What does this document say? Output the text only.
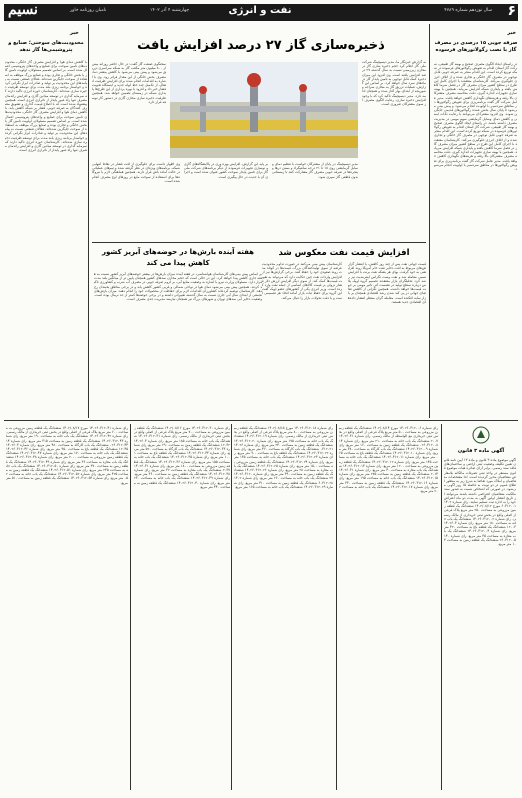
۶
نفت و انرژی	سال نوزدهم شماره ۴۷۸۹
چهارشنبه ۴ آذر ۱۴۰۲
نامبان روزنامه خاور
نسیم
خبر
صرفه جویی ۱۵ درصدی در مصرف گاز با نصب رگولاتورهای فرسوده
در راستای ایجاد الگوی مصرف صحیح و بهینه گاز طبیعی، شرکت گاز استان اقدام به تعویض رگولاتورهای فرسوده در شبکه توزیع کرده است. این اقدام منجر به صرفه جویی قابل توجهی در مصرف گاز خانگی و تجاری شده و از اتلاف انرژی جلوگیری می‌کند. کارشناسان معتقدند با اجرای کامل این طرح در سطح کشور میزان مصرف گاز در فصل سرما کاهش یافته و پایداری شبکه افزایش می‌یابد. همچنین با بهینه سازی تجهیزات اندازه گیری، دقت محاسبه مصرف مشترکان بالا رفته و هزینه‌های نگهداری کاهش خواهد یافت. مدیر عامل شرکت گاز گفت برنامه‌ریزی برای تعویض رگولاتورها در مناطق سردسیر با اولویت انجام می‌شود و پیش بینی می‌شود تا پایان سال بخش عمده رگولاتورهای قدیمی جایگزین شوند. وی افزود مشترکان می‌توانند با رعایت نکات ایمنی و کاهش دمای وسایل گرمایشی سهم مهمی در مدیریت مصرف داشته باشند. در راستای ایجاد الگوی مصرف صحیح و بهینه گاز طبیعی، شرکت گاز استان اقدام به تعویض رگولاتورهای فرسوده در شبکه توزیع کرده است. این اقدام منجر به صرفه جویی قابل توجهی در مصرف گاز خانگی و تجاری شده و از اتلاف انرژی جلوگیری می‌کند. کارشناسان معتقدند با اجرای کامل این طرح در سطح کشور میزان مصرف گاز در فصل سرما کاهش یافته و پایداری شبکه افزایش می‌یابد. همچنین با بهینه سازی تجهیزات اندازه گیری، دقت محاسبه مصرف مشترکان بالا رفته و هزینه‌های نگهداری کاهش خواهد یافت. مدیر عامل شرکت گاز گفت برنامه‌ریزی برای تعویض رگولاتورها در مناطق سردسیر با اولویت انجام می‌شود.
خبر
محدودیت‌های سوختی؛ صنایع و پتروشیمی‌ها گاز ندهد
با کاهش دمای هوا و افزایش مصرف گاز خانگی، محدودیت‌های تامین سوخت برای صنایع و واحدهای پتروشیمی اعمال شده است. بر اساس تصمیم مسئولان، اولویت تامین گاز با بخش خانگی و تجاری بوده و صنایع بزرگ موظف به استفاده از سوخت جایگزین شده‌اند. فعالان صنعتی نسبت به پیامدهای این محدودیت بر تولید و صادرات ابراز نگرانی کرده و خواستار برنامه ریزی بلند مدت برای توسعه ظرفیت ذخیره سازی شده‌اند. کارشناسان حوزه انرژی تاکید دارند که سرمایه گذاری در توسعه میادین گازی و افزایش راندمان مصرف تنها راه عبور پایدار از ناترازی انرژی است. همچنین پیشنهاد شده است که با اصلاح قیمت گذاری و تشویق مصرف کنندگان به صرفه جویی، فشار بر شبکه کاهش یابد. با کاهش دمای هوا و افزایش مصرف گاز خانگی، محدودیت‌های تامین سوخت برای صنایع و واحدهای پتروشیمی اعمال شده است. بر اساس تصمیم مسئولان، اولویت تامین گاز با بخش خانگی و تجاری بوده و صنایع بزرگ موظف به استفاده از سوخت جایگزین شده‌اند. فعالان صنعتی نسبت به پیامدهای این محدودیت بر تولید و صادرات ابراز نگرانی کرده و خواستار برنامه ریزی بلند مدت برای توسعه ظرفیت ذخیره سازی شده‌اند. کارشناسان حوزه انرژی تاکید دارند که سرمایه گذاری در توسعه میادین گازی و افزایش راندمان مصرف تنها راه عبور پایدار از ناترازی انرژی است.
ذخیره‌سازی گاز ۲۷ درصد افزایش یافت
به گزارش خبرنگار ما، مدیر دیسپچینگ شرکت ملی گاز اعلام کرد حجم ذخیره سازی گاز در مخازن زیرزمینی نسبت به سال گذشته ۲۷ درصد افزایش یافته است. وی افزود این میزان ذخیره کمک قابل توجهی به تامین پایدار گاز در ماه‌های سرد سال خواهد کرد. بر اساس این گزارش، عملیات تزریق گاز به مخازن سراجه و شوریجه از ابتدای بهار آغاز شده و همچنان ادامه دارد. مدیر دیسپچینگ تاکید کرد که با وجود افزایش ذخیره سازی، رعایت الگوی مصرف از سوی مشترکان ضروری است.
سخنگوی صنعت گاز گفت: در حال حاضر روزانه بیش از ۸۰۰ میلیون متر مکعب گاز به شبکه سراسری تزریق می‌شود و پیش بینی می‌شود با کاهش بیشتر دما، مصرف بخش خانگی از این مقدار فراتر رود. وی با اشاره به اقدامات انجام شده برای افزایش ظرفیت انتقال، از تکمیل چند خط لوله جدید و ایستگاه تقویت فشار خبر داد و افزود با بهره برداری از این طرح‌ها پایداری شبکه در زمستان تضمین خواهد شد. همچنین ظرفیت ذخیره سازی مخازن گازی در دستور کار توسعه قرار دارد.
وی اظهار داشت برای جلوگیری از افت فشار در نقاط انتهایی شبکه، برنامه‌های ویژه‌ای در نظر گرفته شده و تیم‌های عملیاتی در حالت آماده باش قرار دارند. همچنین هماهنگی لازم با نیروگاه‌ها برای استفاده از سوخت مایع در روزهای اوج مصرف انجام شده است.
بر پایه این گزارش، افزایش بهره وری در پالایشگاه‌های گازی و نوسازی تجهیزات فرسوده از دیگر برنامه‌های شرکت ملی گاز برای تامین پایدار سوخت کشور عنوان شده است و اجرای آن با جدیت در حال پیگیری است.
مدیر دیسپچینگ در پایان از مشترکان خواست با تنظیم دمای وسایل گرمایشی روی ۱۸ تا ۲۱ درجه سانتیگراد و بستن درها و پنجره‌ها در صرفه جویی مصرف گاز مشارکت کنند تا زمستانی بدون قطعی گاز سپری شود.
افزایش قیمت نفت معکوس شد
قیمت جهانی نفت پس از چند روز کاهش، با انتشار گزارش‌های مربوط به افت ذخایر نفت خام آمریکا روند افزایشی به خود گرفت. بهای هر بشکه نفت برنت با افزایش نسبی معامله شد و نفت وست تگزاس اینترمدیت نیز رشد کرد. تحلیلگران بازار معتقدند تصمیم گروه اوپک پلاس درباره سطح تولید در نشست آتی تاثیر مهمی بر جهت قیمت‌ها خواهد داشت. همچنین نگرانی از کاهش تقاضای جهانی در پی کند شدن رشد اقتصادی همچنان بر بازار سایه افکنده است. معامله گران منتظر انتشار داده‌های اقتصادی جدید هستند.
کارشناسان پیش بینی می‌کنند در صورت تداوم محدودیت عرضه از سوی تولیدکنندگان بزرگ، قیمت‌ها در کوتاه مدت روند صعودی خود را حفظ کنند. برخی گزارش‌ها نیز از افزایش واردات نفت چین حکایت دارد که می‌تواند به تقویت قیمت‌ها کمک کند. از سوی دیگر افزایش ارزش دلار فشار نزولی بر قیمت کالاهای اساسی از جمله نفت وارد کرده است. وزیر انرژی یکی از کشورهای عضو اوپک گفت این گروه برای حفظ ثبات بازار آماده اتخاذ هر تصمیمی است و با دقت تحولات بازار را دنبال می‌کند.
هفته آینده بارش‌ها در حوضه‌های آبریز کشور
کاهش پیدا می کند
بر اساس پیش بینی‌های کارشناسان هواشناسی، در هفته آینده میزان بارش‌ها در بیشتر حوضه‌های آبریز کشور نسبت به هفته جاری کاهش پیدا خواهد کرد. این در حالی است که حجم مخازن سدهای کشور همچنان پایین تر از میانگین بلند مدت قرار دارد. مسئولان وزارت نیرو با اشاره به وضعیت منابع آبی، بر لزوم صرفه جویی در مصرف آب شرب و کشاورزی تاکید کردند. همچنین پیش بینی می‌شود دمای هوا در نواحی شمالی و غربی کشور کاهش یابد و در برخی مناطق یخبندان رخ دهد. کارشناسان توصیه کرده‌اند کشاورزان اقدامات لازم برای حفاظت از محصولات خود را انجام دهند. میزان بارش‌های تجمعی از ابتدای سال آبی جاری نسبت به سال گذشته تغییراتی داشته و در برخی حوضه‌ها کمتر از حد نرمال بوده است. وضعیت ذخایر آبی سدهای تهران و شهرهای بزرگ نیز همچنان نیازمند مدیریت جدی مصرف است.
آگهی ماده ۳ قانون
آگهی موضوع ماده ۳ قانون و ماده ۱۳ آیین نامه قانون تعیین تکلیف وضعیت ثبتی اراضی و ساختمان‌های فاقد سند رسمی. برابر آرای صادره هیات موضوع قانون مستقر در واحد ثبتی تصرفات مالکانه بلامعارض متقاضیان محرز گردیده است. لذا مشخصات متقاضیان و املاک مورد تقاضا به شرح زیر به منظور اطلاع عموم در دو نوبت به فاصله ۱۵ روز آگهی می‌شود. در صورتی که اشخاص نسبت به صدور سند مالکیت متقاضیان اعتراضی داشته باشند می‌توانند از تاریخ انتشار اولین آگهی به مدت دو ماه اعتراض خود را به اداره ثبت تسلیم نمایند. رای شماره ۱۴۰۲۶۰۳۱۲۰۰۱ مورخ ۱۴۰۲/۰۸/۱۲ ششدانگ یک قطعه زمین مزروعی به مساحت ۲۵۰ متر مربع پلاک فرعی از اصلی واقع در بخش ثبتی خریداری از مالک رسمی. رای شماره ۱۴۰۲۶۰۳۱۲۰۰۲ ششدانگ یک باب خانه به مساحت ۱۸۰ متر مربع. رای شماره ۱۴۰۲۶۰۳۱۲۰۰۳ ششدانگ یک قطعه باغ به مساحت ۴۲۰ متر مربع. رای شماره ۱۴۰۲۶۰۳۱۲۰۰۴ ششدانگ یک باب مغازه به مساحت ۳۵ متر مربع. رای شماره ۱۴۰۲۶۰۳۱۲۰۰۵ ششدانگ یک قطعه زمین به مساحت ۳۱۰ متر مربع.
رای شماره ۱۴۰۲۶۰۳۱۲۰۰۶ مورخ ۱۴۰۲/۰۸/۱۴ ششدانگ یک قطعه زمین مزروعی به مساحت ۵۰۰ متر مربع پلاک فرعی از اصلی واقع در بخش ثبتی خریداری مع الواسطه از مالک رسمی. رای شماره ۱۴۰۲۶۰۳۱۲۰۰۷ ششدانگ یک باب خانه به مساحت ۲۱۰ متر مربع. رای شماره ۱۴۰۲۶۰۳۱۲۰۰۸ ششدانگ یک قطعه زمین به مساحت ۱۶۰ متر مربع. رای شماره ۱۴۰۲۶۰۳۱۲۰۰۹ ششدانگ یک باب کارگاه به مساحت ۳۸۰ متر مربع. رای شماره ۱۴۰۲۶۰۳۱۲۰۱۰ ششدانگ یک قطعه باغ به مساحت ۶۵۰ متر مربع. رای شماره ۱۴۰۲۶۰۳۱۲۰۱۱ ششدانگ یک باب خانه به مساحت ۱۴۵ متر مربع. رای شماره ۱۴۰۲۶۰۳۱۲۰۱۲ ششدانگ یک قطعه زمین مزروعی به مساحت ۱۲۰۰ متر مربع. رای شماره ۱۴۰۲۶۰۳۱۲۰۱۳ ششدانگ یک باب مغازه به مساحت ۴۰ متر مربع. رای شماره ۱۴۰۲۶۰۳۱۲۰۱۴ ششدانگ یک قطعه زمین به مساحت ۲۷۵ متر مربع. رای شماره ۱۴۰۲۶۰۳۱۲۰۱۵ ششدانگ یک باب خانه به مساحت ۱۹۵ متر مربع. رای شماره ۱۴۰۲۶۰۳۱۲۰۱۶ ششدانگ یک قطعه زمین به مساحت ۳۳۰ متر مربع. رای شماره ۱۴۰۲۶۰۳۱۲۰۱۷ ششدانگ یک باب خانه به مساحت ۲۲۰ متر مربع.
رای شماره ۱۴۰۲۶۰۳۱۲۰۱۸ مورخ ۱۴۰۲/۰۸/۱۵ ششدانگ یک قطعه زمین مزروعی به مساحت ۸۰۰ متر مربع پلاک فرعی از اصلی واقع در بخش ثبتی خریداری از مالک رسمی. رای شماره ۱۴۰۲۶۰۳۱۲۰۱۹ ششدانگ یک باب خانه به مساحت ۱۷۵ متر مربع. رای شماره ۱۴۰۲۶۰۳۱۲۰۲۰ ششدانگ یک قطعه زمین به مساحت ۲۴۰ متر مربع. رای شماره ۱۴۰۲۶۰۳۱۲۰۲۱ ششدانگ یک باب کارگاه به مساحت ۴۶۰ متر مربع. رای شماره ۱۴۰۲۶۰۳۱۲۰۲۲ ششدانگ یک قطعه باغ به مساحت ۹۰۰ متر مربع. رای شماره ۱۴۰۲۶۰۳۱۲۰۲۳ ششدانگ یک باب خانه به مساحت ۱۳۵ متر مربع. رای شماره ۱۴۰۲۶۰۳۱۲۰۲۴ ششدانگ یک قطعه زمین مزروعی به مساحت ۱۵۰۰ متر مربع. رای شماره ۱۴۰۲۶۰۳۱۲۰۲۵ ششدانگ یک باب مغازه به مساحت ۲۸ متر مربع. رای شماره ۱۴۰۲۶۰۳۱۲۰۲۶ ششدانگ یک قطعه زمین به مساحت ۳۹۰ متر مربع. رای شماره ۱۴۰۲۶۰۳۱۲۰۲۷ ششدانگ یک باب خانه به مساحت ۲۶۰ متر مربع. رای شماره ۱۴۰۲۶۰۳۱۲۰۲۸ ششدانگ یک قطعه زمین به مساحت ۴۱۰ متر مربع. رای شماره ۱۴۰۲۶۰۳۱۲۰۲۹ ششدانگ یک باب خانه به مساحت ۱۶۵ متر مربع.
رای شماره ۱۴۰۲۶۰۳۱۲۰۳۰ مورخ ۱۴۰۲/۰۸/۱۶ ششدانگ یک قطعه زمین مزروعی به مساحت ۷۰۰ متر مربع پلاک فرعی از اصلی واقع در بخش ثبتی خریداری از مالک رسمی. رای شماره ۱۴۰۲۶۰۳۱۲۰۳۱ ششدانگ یک باب خانه به مساحت ۱۸۵ متر مربع. رای شماره ۱۴۰۲۶۰۳۱۲۰۳۲ ششدانگ یک قطعه زمین به مساحت ۲۹۰ متر مربع. رای شماره ۱۴۰۲۶۰۳۱۲۰۳۳ ششدانگ یک باب کارگاه به مساحت ۵۲۰ متر مربع. رای شماره ۱۴۰۲۶۰۳۱۲۰۳۴ ششدانگ یک قطعه باغ به مساحت ۱۱۰۰ متر مربع. رای شماره ۱۴۰۲۶۰۳۱۲۰۳۵ ششدانگ یک باب خانه به مساحت ۱۵۵ متر مربع. رای شماره ۱۴۰۲۶۰۳۱۲۰۳۶ ششدانگ یک قطعه زمین مزروعی به مساحت ۱۸۰۰ متر مربع. رای شماره ۱۴۰۲۶۰۳۱۲۰۳۷ ششدانگ یک باب مغازه به مساحت ۳۲ متر مربع. رای شماره ۱۴۰۲۶۰۳۱۲۰۳۸ ششدانگ یک قطعه زمین به مساحت ۳۶۰ متر مربع. رای شماره ۱۴۰۲۶۰۳۱۲۰۳۹ ششدانگ یک باب خانه به مساحت ۲۳۰ متر مربع. رای شماره ۱۴۰۲۶۰۳۱۲۰۴۰ ششدانگ یک قطعه زمین به مساحت ۴۴۰ متر مربع.
رای شماره ۱۴۰۲۶۰۳۱۲۰۴۱ مورخ ۱۴۰۲/۰۸/۱۷ ششدانگ یک قطعه زمین مزروعی به مساحت ۶۰۰ متر مربع پلاک فرعی از اصلی واقع در بخش ثبتی خریداری از مالک رسمی. رای شماره ۱۴۰۲۶۰۳۱۲۰۴۲ ششدانگ یک باب خانه به مساحت ۱۹۰ متر مربع. رای شماره ۱۴۰۲۶۰۳۱۲۰۴۳ ششدانگ یک قطعه زمین به مساحت ۳۱۵ متر مربع. رای شماره ۱۴۰۲۶۰۳۱۲۰۴۴ ششدانگ یک باب کارگاه به مساحت ۴۸۰ متر مربع. رای شماره ۱۴۰۲۶۰۳۱۲۰۴۵ ششدانگ یک قطعه باغ به مساحت ۹۵۰ متر مربع. رای شماره ۱۴۰۲۶۰۳۱۲۰۴۶ ششدانگ یک باب خانه به مساحت ۱۷۰ متر مربع. رای شماره ۱۴۰۲۶۰۳۱۲۰۴۷ ششدانگ یک قطعه زمین مزروعی به مساحت ۲۰۰۰ متر مربع. رای شماره ۱۴۰۲۶۰۳۱۲۰۴۸ ششدانگ یک باب مغازه به مساحت ۳۶ متر مربع. رای شماره ۱۴۰۲۶۰۳۱۲۰۴۹ ششدانگ یک قطعه زمین به مساحت ۳۷۰ متر مربع. رای شماره ۱۴۰۲۶۰۳۱۲۰۵۰ ششدانگ یک باب خانه به مساحت ۲۴۵ متر مربع. رای شماره ۱۴۰۲۶۰۳۱۲۰۵۱ ششدانگ یک قطعه زمین به مساحت ۴۲۵ متر مربع. رای شماره ۱۴۰۲۶۰۳۱۲۰۵۲ ششدانگ یک باب خانه به مساحت ۲۰۵ متر مربع. رای شماره ۱۴۰۲۶۰۳۱۲۰۵۳ ششدانگ یک قطعه زمین به مساحت ۵۱۰ متر مربع.
